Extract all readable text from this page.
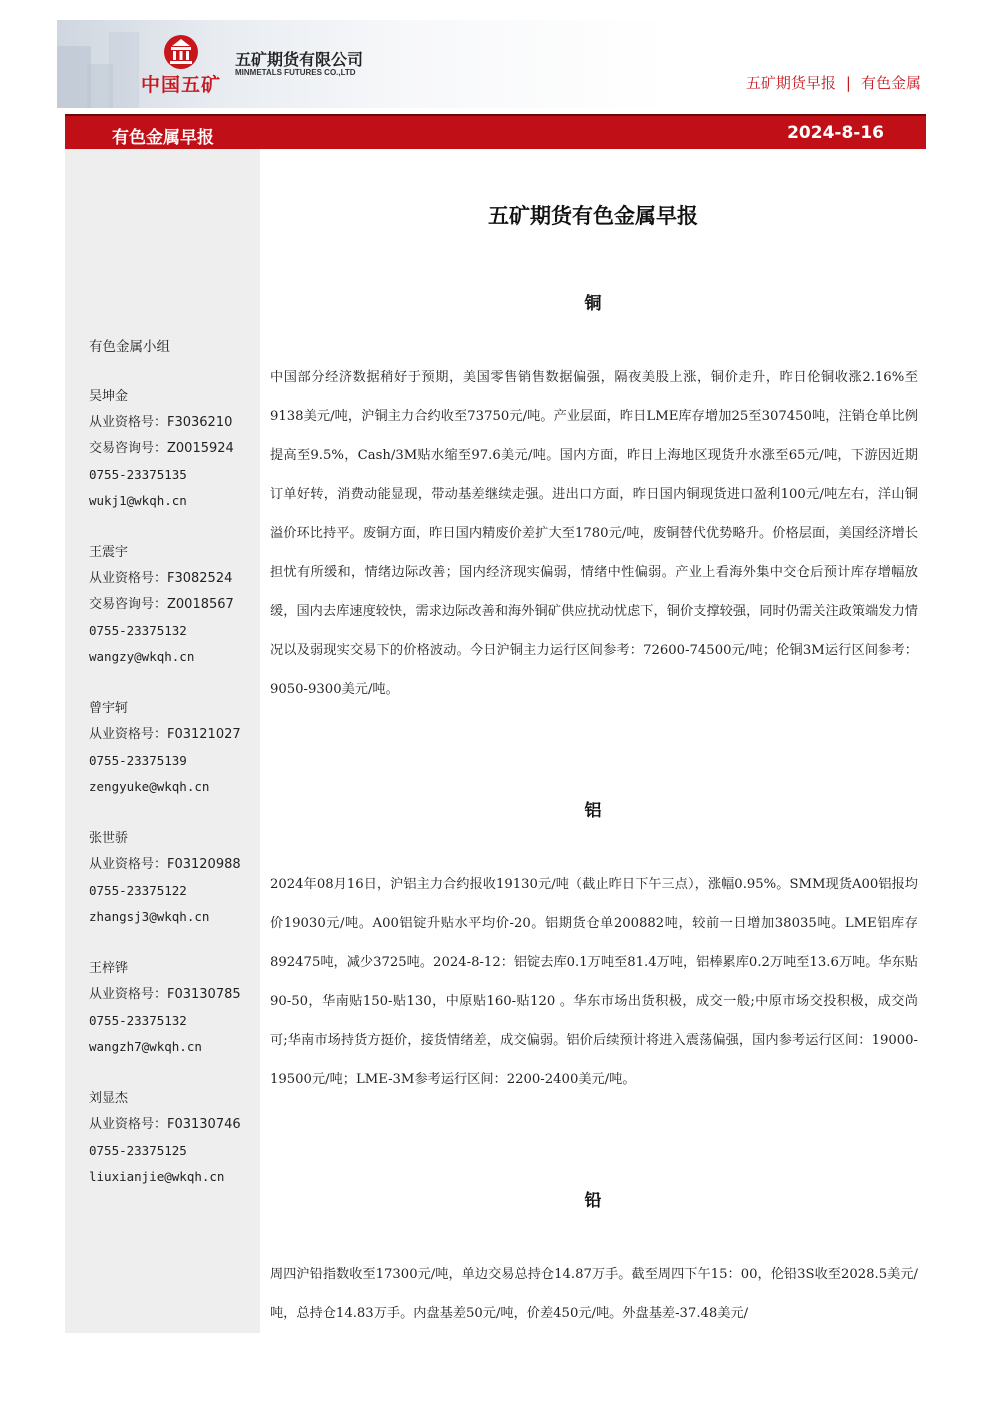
中国五矿
五矿期货有限公司
MINMETALS FUTURES CO.,LTD
五矿期货早报 | 有色金属
有色金属早报	2024-8-16
有色金属小组
吴坤金
从业资格号：F3036210
交易咨询号：Z0015924
0755-23375135
wukj1@wkqh.cn
王震宇
从业资格号：F3082524
交易咨询号：Z0018567
0755-23375132
wangzy@wkqh.cn
曾宇轲
从业资格号：F03121027
0755-23375139
zengyuke@wkqh.cn
张世骄
从业资格号：F03120988
0755-23375122
zhangsj3@wkqh.cn
王梓铧
从业资格号：F03130785
0755-23375132
wangzh7@wkqh.cn
刘显杰
从业资格号：F03130746
0755-23375125
liuxianjie@wkqh.cn
五矿期货有色金属早报
铜

中国部分经济数据稍好于预期，美国零售销售数据偏强，隔夜美股上涨，铜价走升，昨日伦铜收涨2.16%至9138美元/吨，沪铜主力合约收至73750元/吨。产业层面，昨日LME库存增加25至307450吨，注销仓单比例提高至9.5%，Cash/3M贴水缩至97.6美元/吨。国内方面，昨日上海地区现货升水涨至65元/吨，下游因近期订单好转，消费动能显现，带动基差继续走强。进出口方面，昨日国内铜现货进口盈利100元/吨左右，洋山铜溢价环比持平。废铜方面，昨日国内精废价差扩大至1780元/吨，废铜替代优势略升。价格层面，美国经济增长担忧有所缓和，情绪边际改善；国内经济现实偏弱，情绪中性偏弱。产业上看海外集中交仓后预计库存增幅放缓，国内去库速度较快，需求边际改善和海外铜矿供应扰动忧虑下，铜价支撑较强，同时仍需关注政策端发力情况以及弱现实交易下的价格波动。今日沪铜主力运行区间参考：72600-74500元/吨；伦铜3M运行区间参考：9050-9300美元/吨。

铝

2024年08月16日，沪铝主力合约报收19130元/吨（截止昨日下午三点），涨幅0.95%。SMM现货A00铝报均价19030元/吨。A00铝锭升贴水平均价-20。铝期货仓单200882吨，较前一日增加38035吨。LME铝库存892475吨，减少3725吨。2024-8-12：铝锭去库0.1万吨至81.4万吨，铝棒累库0.2万吨至13.6万吨。华东贴90-50，华南贴150-贴130，中原贴160-贴120 。华东市场出货积极，成交一般;中原市场交投积极，成交尚可;华南市场持货方挺价，接货情绪差，成交偏弱。铝价后续预计将进入震荡偏强，国内参考运行区间：19000-19500元/吨；LME-3M参考运行区间：2200-2400美元/吨。

铅

周四沪铅指数收至17300元/吨，单边交易总持仓14.87万手。截至周四下午15：00，伦铅3S收至2028.5美元/吨，总持仓14.83万手。内盘基差50元/吨，价差450元/吨。外盘基差-37.48美元/
